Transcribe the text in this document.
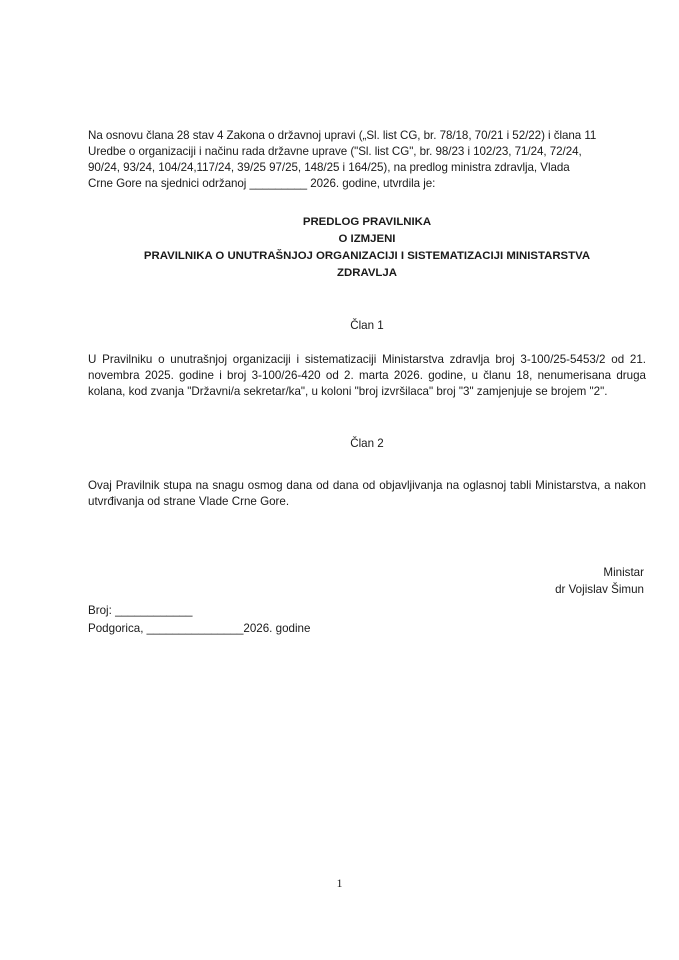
Na osnovu člana 28 stav 4 Zakona o državnoj upravi („Sl. list CG, br. 78/18, 70/21 i 52/22) i člana 11
Uredbe o organizaciji i načinu rada državne uprave ("Sl. list CG", br. 98/23 i 102/23, 71/24, 72/24,
90/24, 93/24, 104/24,117/24, 39/25 97/25, 148/25 i 164/25), na predlog ministra zdravlja, Vlada
Crne Gore na sjednici održanoj _________ 2026. godine, utvrdila je:
PREDLOG PRAVILNIKA
O IZMJENI
PRAVILNIKA O UNUTRAŠNJOJ ORGANIZACIJI I SISTEMATIZACIJI MINISTARSTVA
ZDRAVLJA
Član 1
U Pravilniku o unutrašnjoj organizaciji i sistematizaciji Ministarstva zdravlja broj 3-100/25-5453/2 od 21. novembra 2025. godine i broj 3-100/26-420 od 2. marta 2026. godine, u članu 18, nenumerisana druga kolana, kod zvanja "Državni/a sekretar/ka", u koloni "broj izvršilaca" broj "3" zamjenjuje se brojem "2".
Član 2
Ovaj Pravilnik stupa na snagu osmog dana od dana od objavljivanja na oglasnoj tabli Ministarstva, a nakon utvrđivanja od strane Vlade Crne Gore.
Ministar
dr Vojislav Šimun
Broj: ____________
Podgorica, _______________2026. godine
1
